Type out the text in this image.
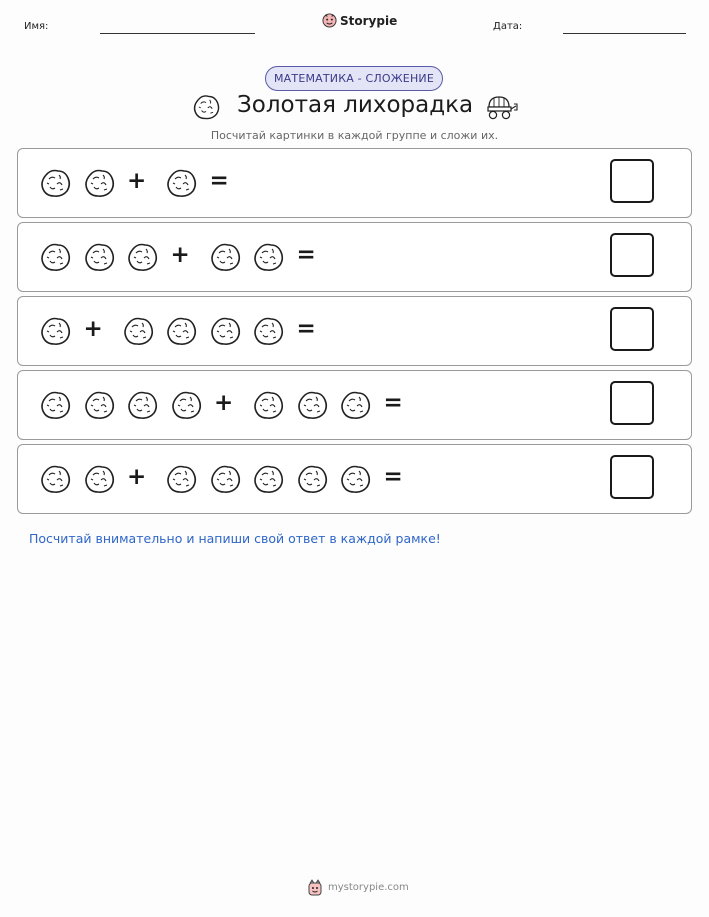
Имя:	Storypie	Дата:
МАТЕМАТИКА - СЛОЖЕНИЕ
Золотая лихорадка
Посчитай картинки в каждой группе и сложи их.
+	=
+	=
+	=
+	=
+	=
Посчитай внимательно и напиши свой ответ в каждой рамке!
mystorypie.com
